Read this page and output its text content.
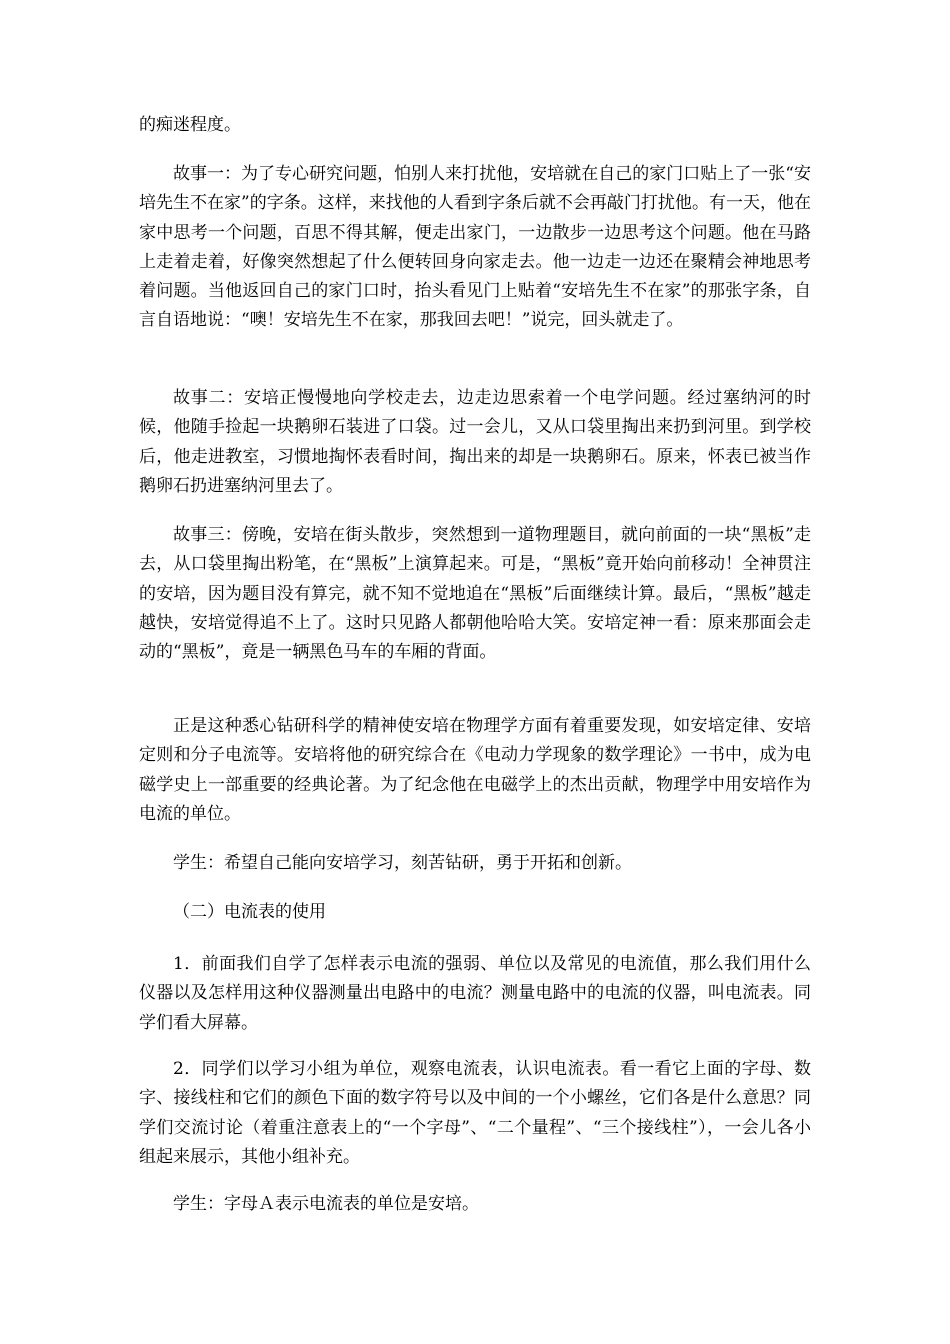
的痴迷程度。

故事一：为了专心研究问题，怕别人来打扰他，安培就在自己的家门口贴上了一张“安培先生不在家”的字条。这样，来找他的人看到字条后就不会再敲门打扰他。有一天，他在家中思考一个问题，百思不得其解，便走出家门，一边散步一边思考这个问题。他在马路上走着走着，好像突然想起了什么便转回身向家走去。他一边走一边还在聚精会神地思考着问题。当他返回自己的家门口时，抬头看见门上贴着“安培先生不在家”的那张字条，自言自语地说：“噢！安培先生不在家，那我回去吧！”说完，回头就走了。

故事二：安培正慢慢地向学校走去，边走边思索着一个电学问题。经过塞纳河的时候，他随手捡起一块鹅卵石装进了口袋。过一会儿，又从口袋里掏出来扔到河里。到学校后，他走进教室，习惯地掏怀表看时间，掏出来的却是一块鹅卵石。原来，怀表已被当作鹅卵石扔进塞纳河里去了。

故事三：傍晚，安培在街头散步，突然想到一道物理题目，就向前面的一块“黑板”走去，从口袋里掏出粉笔，在“黑板”上演算起来。可是，“黑板”竟开始向前移动！全神贯注的安培，因为题目没有算完，就不知不觉地追在“黑板”后面继续计算。最后，“黑板”越走越快，安培觉得追不上了。这时只见路人都朝他哈哈大笑。安培定神一看：原来那面会走动的“黑板”，竟是一辆黑色马车的车厢的背面。

正是这种悉心钻研科学的精神使安培在物理学方面有着重要发现，如安培定律、安培定则和分子电流等。安培将他的研究综合在《电动力学现象的数学理论》一书中，成为电磁学史上一部重要的经典论著。为了纪念他在电磁学上的杰出贡献，物理学中用安培作为电流的单位。

学生：希望自己能向安培学习，刻苦钻研，勇于开拓和创新。

（二）电流表的使用

1．前面我们自学了怎样表示电流的强弱、单位以及常见的电流值，那么我们用什么仪器以及怎样用这种仪器测量出电路中的电流？测量电路中的电流的仪器，叫电流表。同学们看大屏幕。

2．同学们以学习小组为单位，观察电流表，认识电流表。看一看它上面的字母、数字、接线柱和它们的颜色下面的数字符号以及中间的一个小螺丝，它们各是什么意思？同学们交流讨论（着重注意表上的“一个字母”、“二个量程”、“三个接线柱”），一会儿各小组起来展示，其他小组补充。

学生：字母Ａ表示电流表的单位是安培。
